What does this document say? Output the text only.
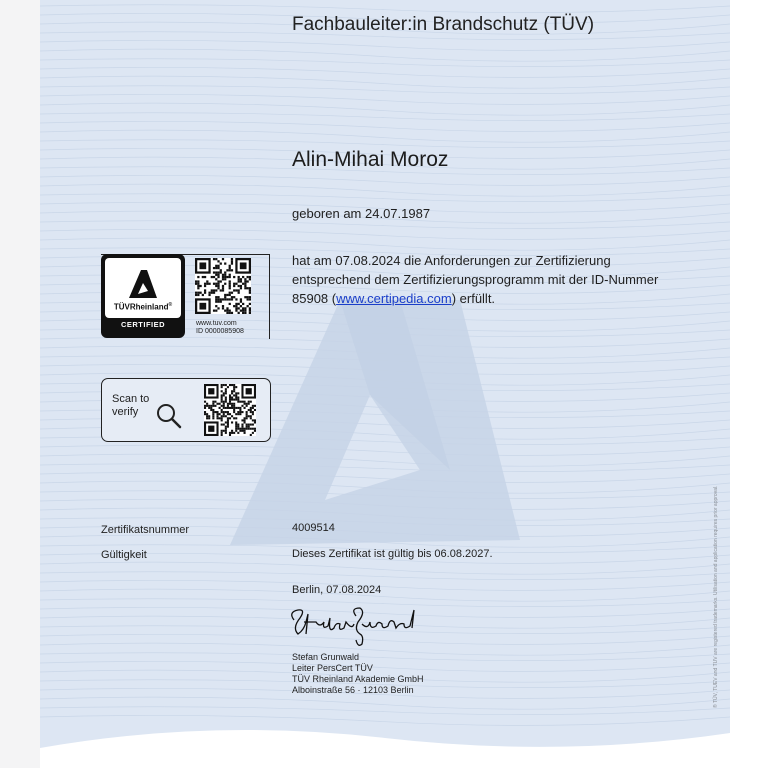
Fachbauleiter:in Brandschutz (TÜV)
Alin-Mihai Moroz
geboren am 24.07.1987
hat am 07.08.2024 die Anforderungen zur Zertifizierung entsprechend dem Zertifizierungsprogramm mit der ID-Nummer 85908 (www.certipedia.com) erfüllt.
TÜVRheinland®
CERTIFIED	www.tuv.com
ID 0000085908
Scan to verify
Zertifikatsnummer	4009514
Gültigkeit	Dieses Zertifikat ist gültig bis 06.08.2027.
Berlin, 07.08.2024
Stefan Grunwald
Leiter PersCert TÜV
TÜV Rheinland Akademie GmbH
Alboinstraße 56 · 12103 Berlin	® TÜV, TUEV and TUV are registered trademarks. Utilisation and application requires prior approval.
